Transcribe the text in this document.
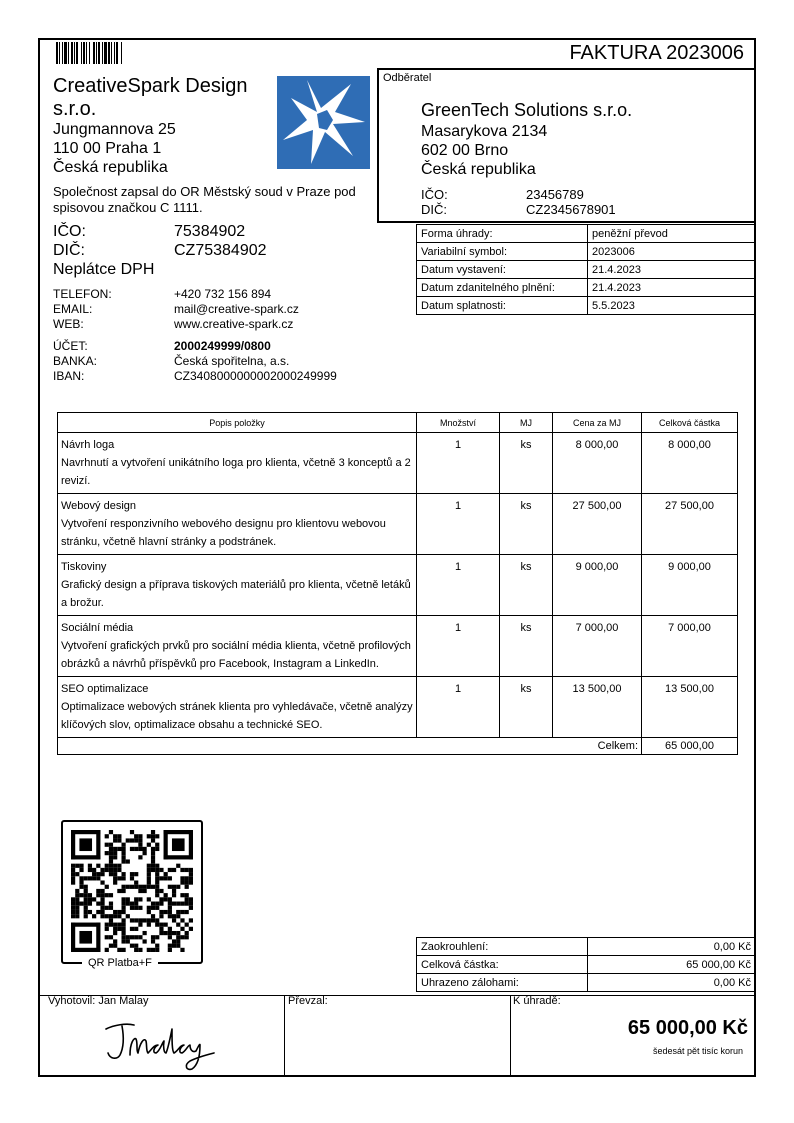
FAKTURA 2023006
CreativeSpark Design s.r.o.
Jungmannova 25
110 00 Praha 1
Česká republika
Společnost zapsal do OR Městský soud v Praze pod spisovou značkou C 1111.
IČO:	75384902
DIČ:	CZ75384902
Neplátce DPH
TELEFON:	+420 732 156 894
EMAIL:	mail@creative-spark.cz
WEB:	www.creative-spark.cz
ÚČET:	2000249999/0800
BANKA:	Česká spořitelna, a.s.
IBAN:	CZ3408000000002000249999
Odběratel
GreenTech Solutions s.r.o.
Masarykova 2134
602 00 Brno
Česká republika
IČO:	23456789
DIČ:	CZ2345678901
Forma úhrady:	peněžní převod
Variabilní symbol:	2023006
Datum vystavení:	21.4.2023
Datum zdanitelného plnění:	21.4.2023
Datum splatnosti:	5.5.2023
Popis položky	Množství	MJ	Cena za MJ	Celková částka

Návrh loga
Navrhnutí a vytvoření unikátního loga pro klienta, včetně 3 konceptů a 2 revizí.	1	ks	8 000,00	8 000,00

Webový design
Vytvoření responzivního webového designu pro klientovu webovou stránku, včetně hlavní stránky a podstránek.	1	ks	27 500,00	27 500,00

Tiskoviny
Grafický design a příprava tiskových materiálů pro klienta, včetně letáků a brožur.	1	ks	9 000,00	9 000,00

Sociální média
Vytvoření grafických prvků pro sociální média klienta, včetně profilových obrázků a návrhů příspěvků pro Facebook, Instagram a LinkedIn.	1	ks	7 000,00	7 000,00

SEO optimalizace
Optimalizace webových stránek klienta pro vyhledávače, včetně analýzy klíčových slov, optimalizace obsahu a technické SEO.	1	ks	13 500,00	13 500,00
Celkem:				65 000,00
QR Platba+F
Zaokrouhlení:	0,00 Kč
Celková částka:	65 000,00 Kč
Uhrazeno zálohami:	0,00 Kč
Vyhotovil: Jan Malay	Převzal:	K úhradě:
65 000,00 Kč
šedesát pět tisíc korun
